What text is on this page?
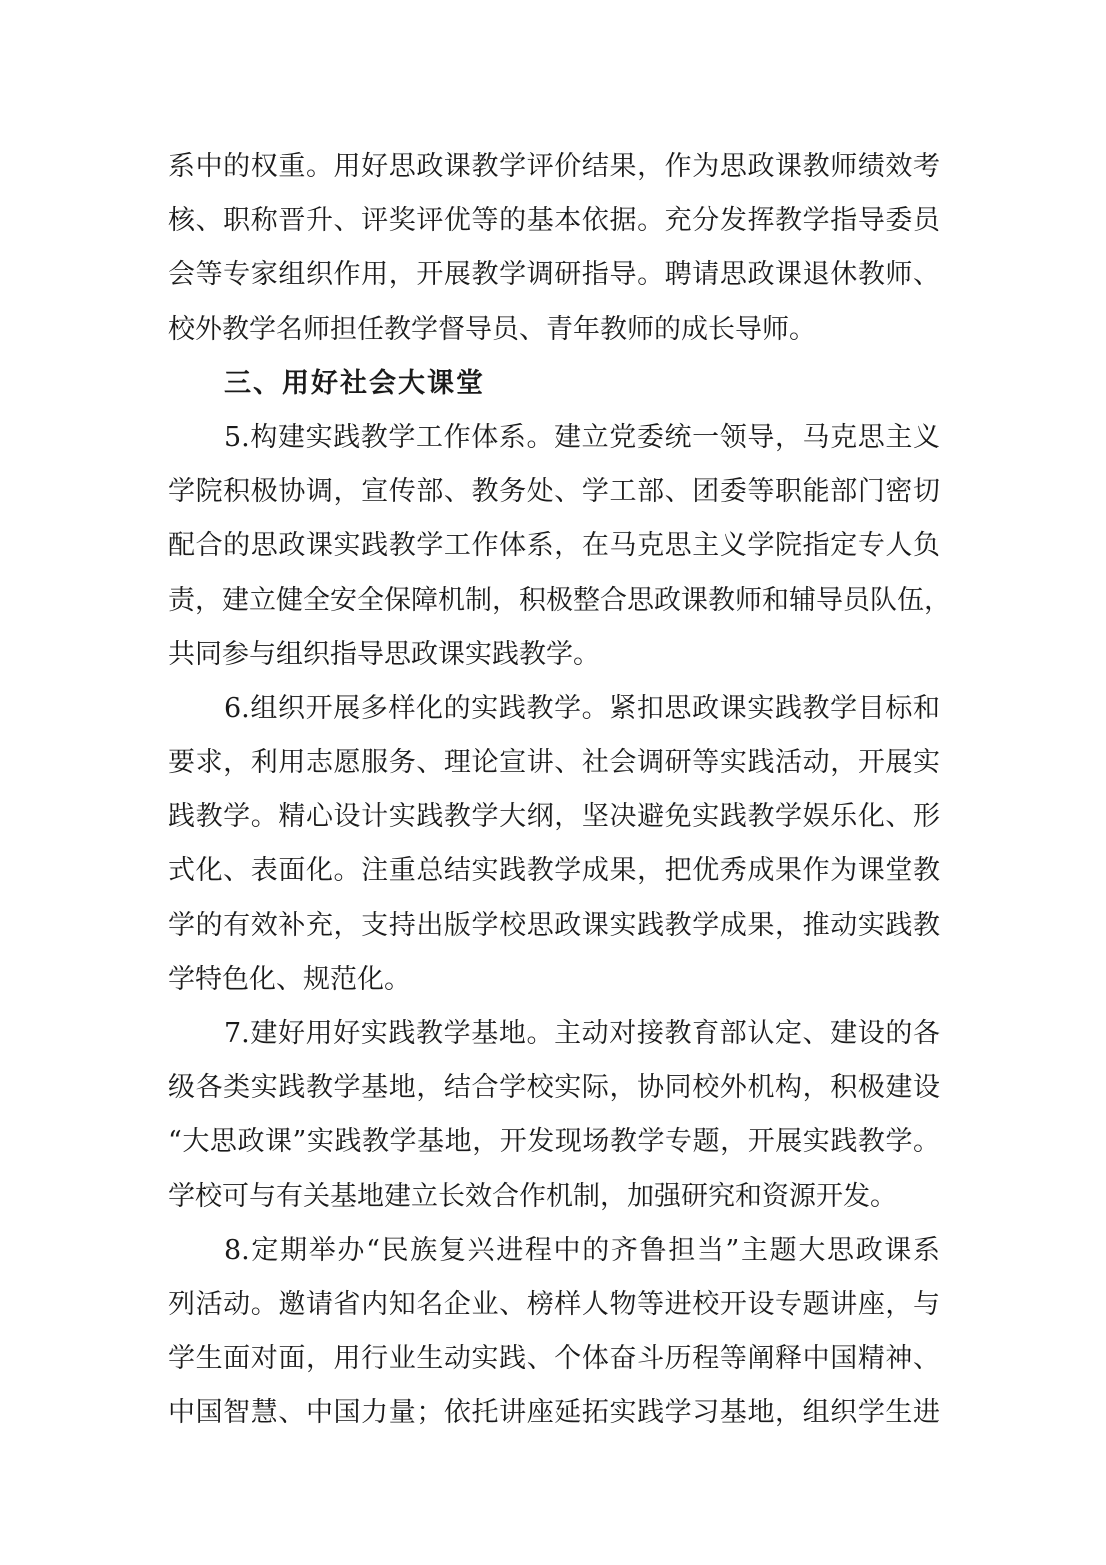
系中的权重。用好思政课教学评价结果，作为思政课教师绩效考
核、职称晋升、评奖评优等的基本依据。充分发挥教学指导委员
会等专家组织作用，开展教学调研指导。聘请思政课退休教师、
校外教学名师担任教学督导员、青年教师的成长导师。
三、用好社会大课堂
5.构建实践教学工作体系。建立党委统一领导，马克思主义
学院积极协调，宣传部、教务处、学工部、团委等职能部门密切
配合的思政课实践教学工作体系，在马克思主义学院指定专人负
责，建立健全安全保障机制，积极整合思政课教师和辅导员队伍，
共同参与组织指导思政课实践教学。
6.组织开展多样化的实践教学。紧扣思政课实践教学目标和
要求，利用志愿服务、理论宣讲、社会调研等实践活动，开展实
践教学。精心设计实践教学大纲，坚决避免实践教学娱乐化、形
式化、表面化。注重总结实践教学成果，把优秀成果作为课堂教
学的有效补充，支持出版学校思政课实践教学成果，推动实践教
学特色化、规范化。
7.建好用好实践教学基地。主动对接教育部认定、建设的各
级各类实践教学基地，结合学校实际，协同校外机构，积极建设
“大思政课”实践教学基地，开发现场教学专题，开展实践教学。
学校可与有关基地建立长效合作机制，加强研究和资源开发。
8.定期举办“民族复兴进程中的齐鲁担当”主题大思政课系
列活动。邀请省内知名企业、榜样人物等进校开设专题讲座，与
学生面对面，用行业生动实践、个体奋斗历程等阐释中国精神、
中国智慧、中国力量；依托讲座延拓实践学习基地，组织学生进
